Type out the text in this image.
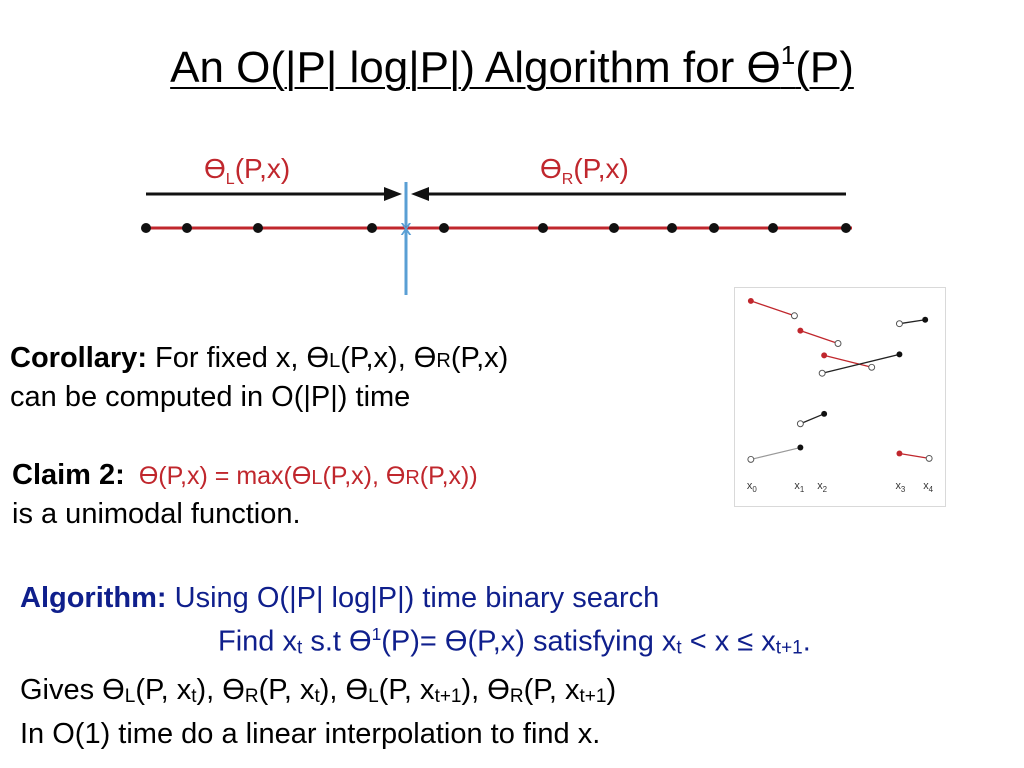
An O(|P| log|P|) Algorithm for $Ɵ^1(P)$
$Ɵ_L(P,x)$	$Ɵ_R(P,x)$
x
Corollary: For fixed x, ƟL(P,x), ƟR(P,x)
can be computed in O(|P|) time
Claim 2: Ɵ(P,x) = max(ƟL(P,x), ƟR(P,x))
is a unimodal function.
$x_0$	$x_1$ $x_2$	$x_3$ $x_4$
Algorithm: Using O(|P| log|P|) time binary search
Find xt s.t $Ɵ^1(P)=$ Ɵ(P,x) satisfying xt < x ≤ xt+1.
Gives ƟL(P, xt), ƟR(P, xt), ƟL(P, xt+1), ƟR(P, xt+1)
In O(1) time do a linear interpolation to find x.
